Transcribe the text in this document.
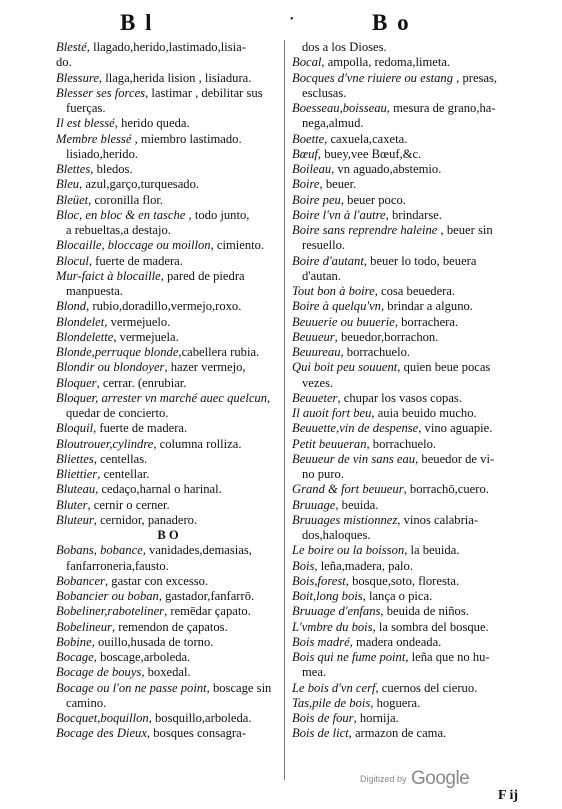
B l	•	B o
Blesté, llagado,herido,lastimado,lisia-
do.
Blessure, llaga,herida lision , lisiadura.
Blesser ses forces, lastimar , debilitar sus
fuerças.
Il est blessé, herido queda.
Membre blessé , miembro lastimado.
lisiado,herido.
Blettes, bledos.
Bleu, azul,garço,turquesado.
Bleüet, coronilla flor.
Bloc, en bloc & en tasche , todo junto,
a rebueltas,a destajo.
Blocaille, bloccage ou moillon, cimiento.
Blocul, fuerte de madera.
Mur-faict à blocaille, pared de piedra
manpuesta.
Blond, rubio,doradillo,vermejo,roxo.
Blondelet, vermejuelo.
Blondelette, vermejuela.
Blonde,perruque blonde,cabellera rubia.
Blondir ou blondoyer, hazer vermejo,
Bloquer, cerrar. (enrubiar.
Bloquer, arrester vn marché auec quelcun,
quedar de concierto.
Bloquil, fuerte de madera.
Bloutrouer,cylindre, columna rolliza.
Bliettes, centellas.
Bliettier, centellar.
Bluteau, cedaço,harnal o harinal.
Bluter, cernir o cerner.
Bluteur, cernidor, panadero.
B O
Bobans, bobance, vanidades,demasias,
fanfarroneria,fausto.
Bobancer, gastar con excesso.
Bobancier ou boban, gastador,fanfarrō.
Bobeliner,raboteliner, remēdar çapato.
Bobelineur, remendon de çapatos.
Bobine, ouillo,husada de torno.
Bocage, boscage,arboleda.
Bocage de bouys, boxedal.
Bocage ou l'on ne passe point, boscage sin
camino.
Bocquet,boquillon, bosquillo,arboleda.
Bocage des Dieux, bosques consagra-
dos a los Dioses.
Bocal, ampolla, redoma,limeta.
Bocques d'vne riuiere ou estang , presas,
esclusas.
Boesseau,boisseau, mesura de grano,ha-
nega,almud.
Boette, caxuela,caxeta.
Bœuf, buey,vee Bœuf,&c.
Boileau, vn aguado,abstemio.
Boire, beuer.
Boire peu, beuer poco.
Boire l'vn à l'autre, brindarse.
Boire sans reprendre haleine , beuer sin
resuello.
Boire d'autant, beuer lo todo, beuera
d'autan.
Tout bon à boire, cosa beuedera.
Boire à quelqu'vn, brindar a alguno.
Beuuerie ou buuerie, borrachera.
Beuueur, beuedor,borrachon.
Beuureau, borrachuelo.
Qui boit peu souuent, quien beue pocas
vezes.
Beuueter, chupar los vasos copas.
Il auoit fort beu, auia beuido mucho.
Beuuette,vin de despense, vino aguapie.
Petit beuueran, borrachuelo.
Beuueur de vin sans eau, beuedor de vi-
no puro.
Grand & fort beuueur, borrachō,cuero.
Bruuage, beuida.
Bruuages mistionnez, vinos calabria-
dos,haloques.
Le boire ou la boisson, la beuida.
Bois, leña,madera, palo.
Bois,forest, bosque,soto, floresta.
Boit,long bois, lança o pica.
Bruuage d'enfans, beuida de niños.
L'vmbre du bois, la sombra del bosque.
Bois madré, madera ondeada.
Bois qui ne fume point, leña que no hu-
mea.
Le bois d'vn cerf, cuernos del cieruo.
Tas,pile de bois, hoguera.
Bois de four, hornija.
Bois de lict, armazon de cama.
Digitized by Google
F ij
